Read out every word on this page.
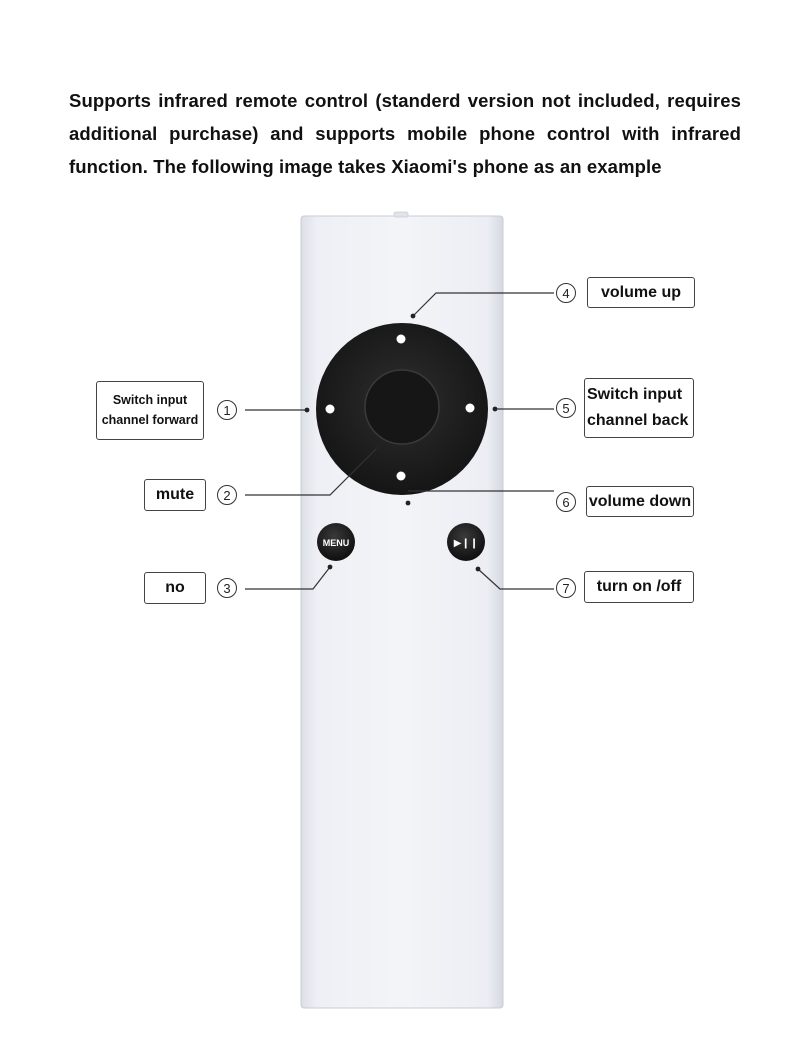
Supports infrared remote control (standerd version not included, requires additional purchase) and supports mobile phone control with infrared function. The following image takes Xiaomi's phone as an example

MENU	▶❙❙
1
2
3
4
5
6
7
Switch input
channel forward
mute
no
volume up
Switch input
channel back
volume down
turn on /off
